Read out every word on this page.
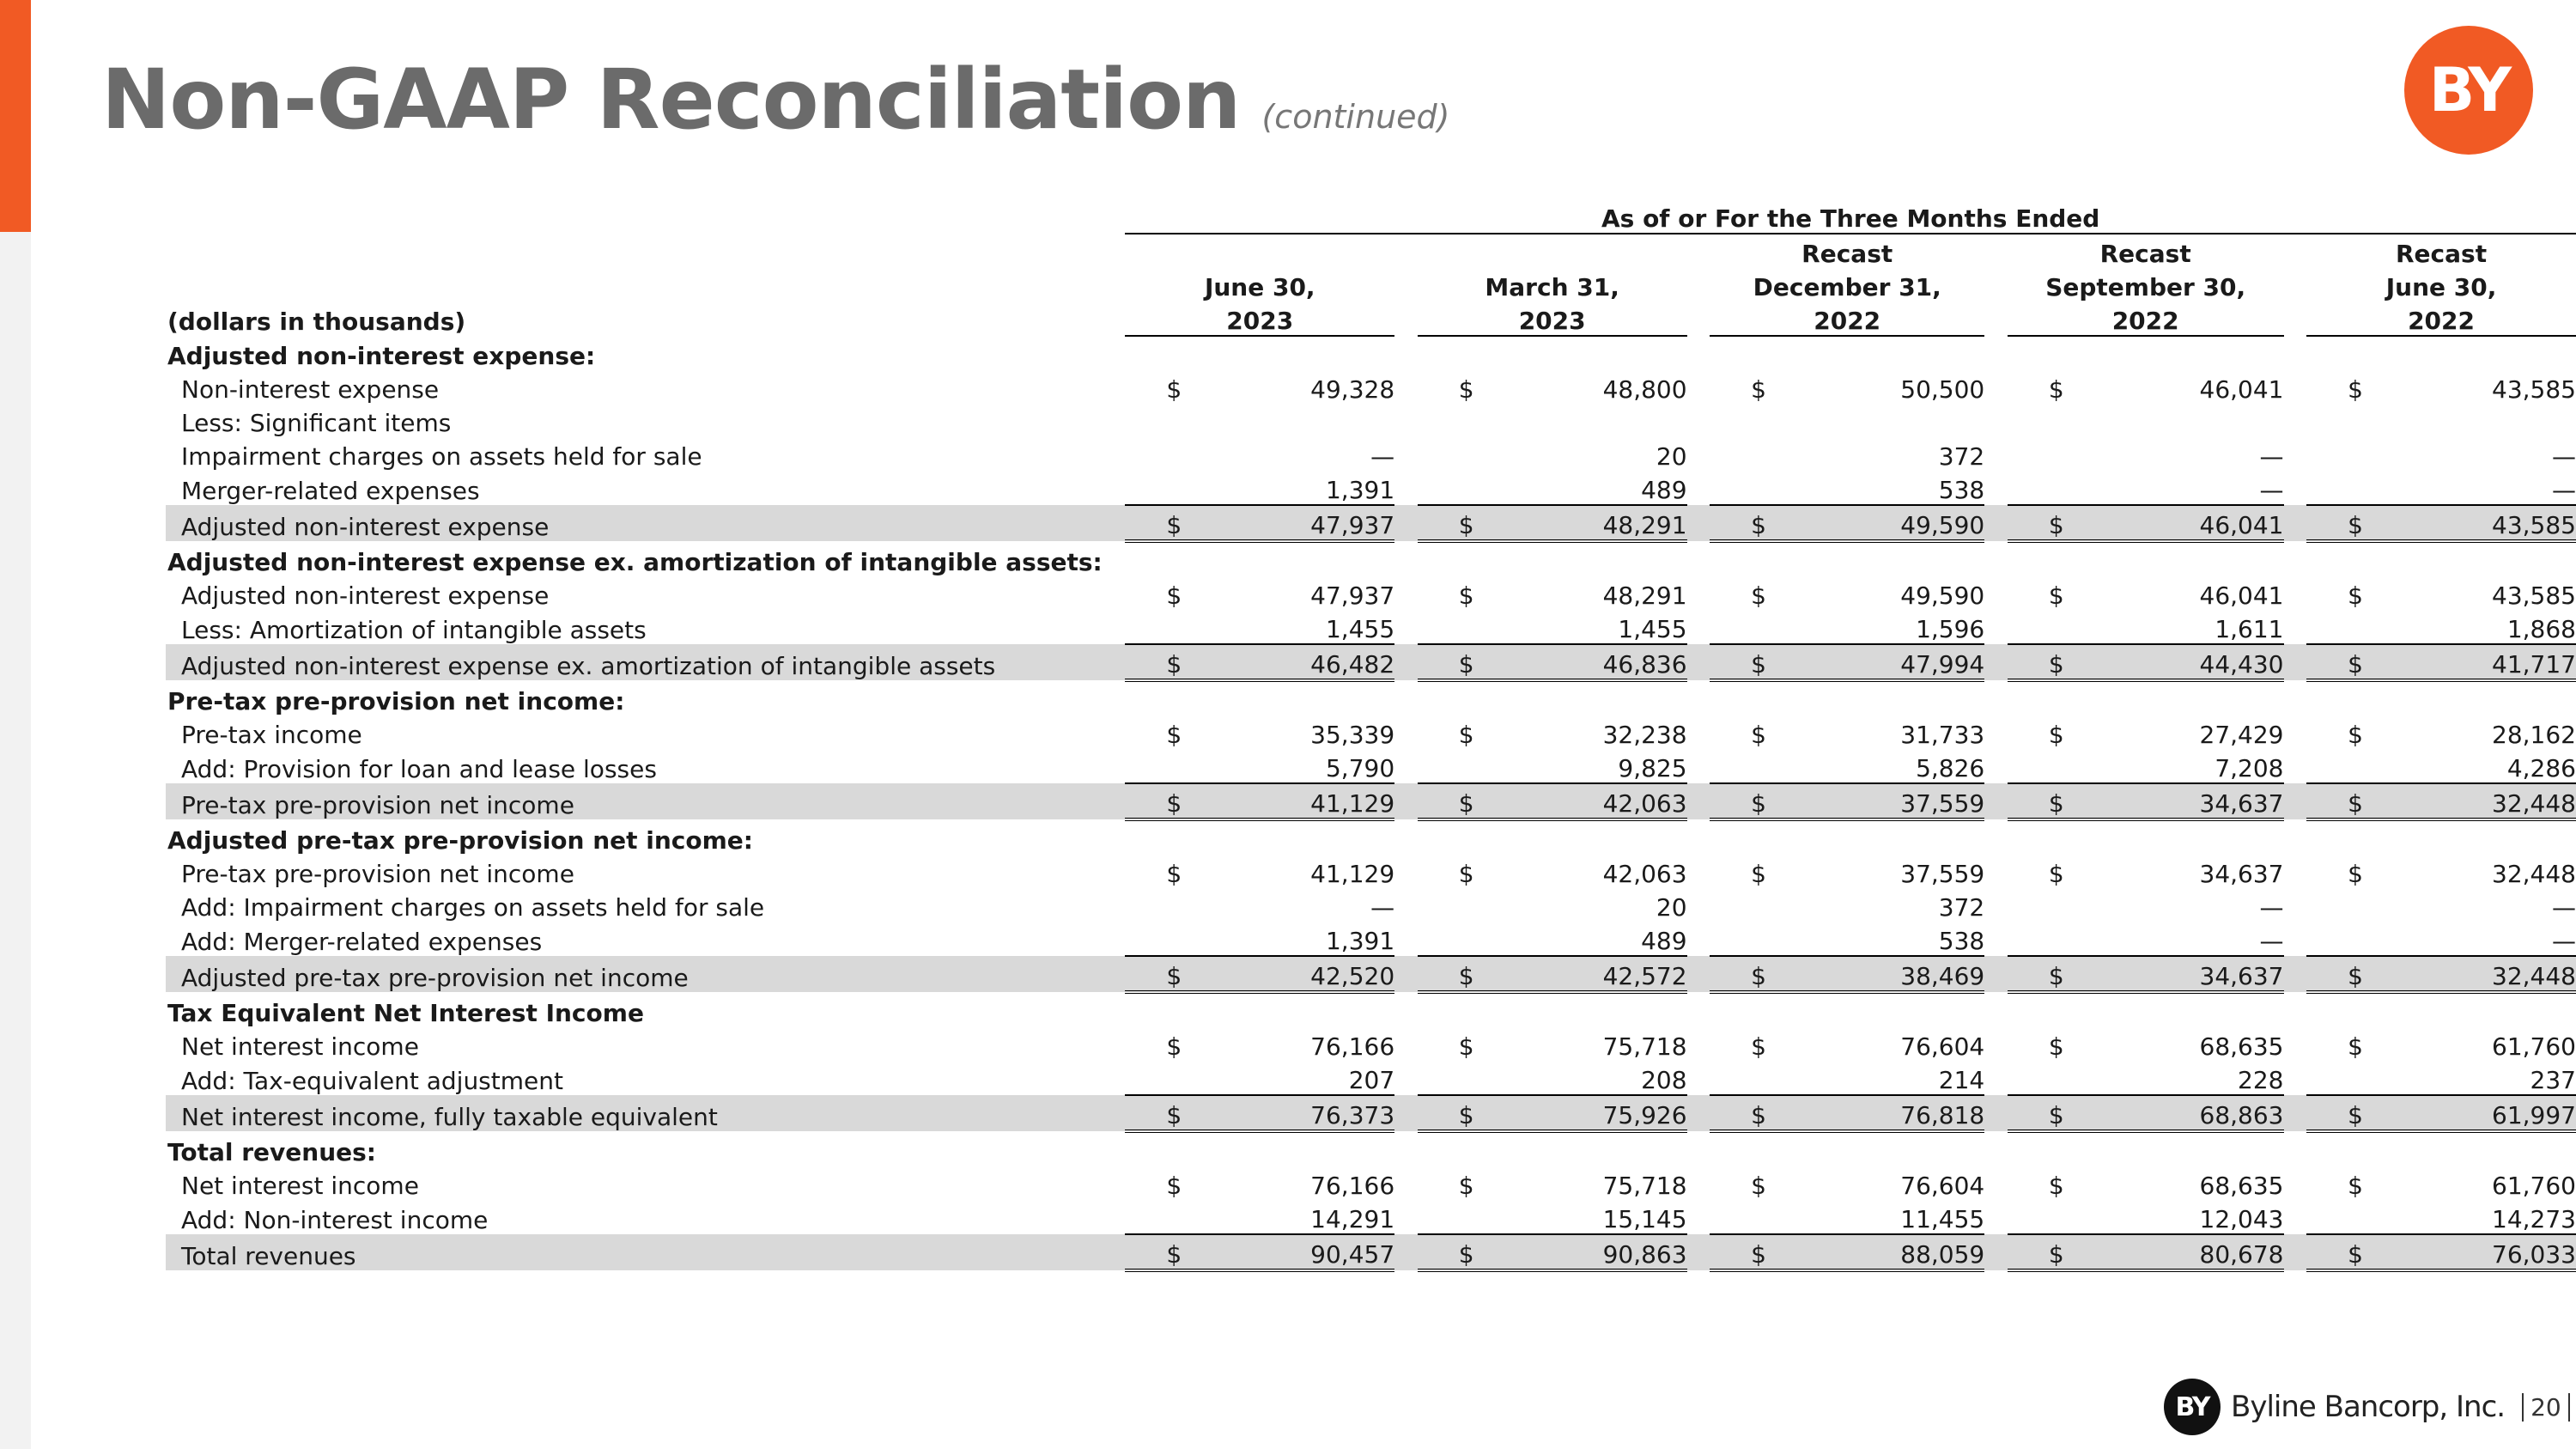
Non-GAAP Reconciliation (continued)	BY
		As of or For the Three Months Ended													
								Recast			Recast			Recast	
		June 30,			March 31,			December 31,			September 30,			June 30,	
(dollars in thousands)		2023			2023			2022			2022			2022	
Adjusted non-interest expense:															
Non-interest expense		$	49,328		$	48,800		$	50,500		$	46,041		$	43,585
Less: Significant items															
Impairment charges on assets held for sale			—			20			372			—			—
Merger-related expenses			1,391			489			538			—			—
Adjusted non-interest expense		$	47,937		$	48,291		$	49,590		$	46,041		$	43,585
Adjusted non-interest expense ex. amortization of intangible assets:															
Adjusted non-interest expense		$	47,937		$	48,291		$	49,590		$	46,041		$	43,585
Less: Amortization of intangible assets			1,455			1,455			1,596			1,611			1,868
Adjusted non-interest expense ex. amortization of intangible assets		$	46,482		$	46,836		$	47,994		$	44,430		$	41,717
Pre-tax pre-provision net income:															
Pre-tax income		$	35,339		$	32,238		$	31,733		$	27,429		$	28,162
Add: Provision for loan and lease losses			5,790			9,825			5,826			7,208			4,286
Pre-tax pre-provision net income		$	41,129		$	42,063		$	37,559		$	34,637		$	32,448
Adjusted pre-tax pre-provision net income:															
Pre-tax pre-provision net income		$	41,129		$	42,063		$	37,559		$	34,637		$	32,448
Add: Impairment charges on assets held for sale			—			20			372			—			—
Add: Merger-related expenses			1,391			489			538			—			—
Adjusted pre-tax pre-provision net income		$	42,520		$	42,572		$	38,469		$	34,637		$	32,448
Tax Equivalent Net Interest Income															
Net interest income		$	76,166		$	75,718		$	76,604		$	68,635		$	61,760
Add: Tax-equivalent adjustment			207			208			214			228			237
Net interest income, fully taxable equivalent		$	76,373		$	75,926		$	76,818		$	68,863		$	61,997
Total revenues:															
Net interest income		$	76,166		$	75,718		$	76,604		$	68,635		$	61,760
Add: Non-interest income			14,291			15,145			11,455			12,043			14,273
Total revenues		$	90,457		$	90,863		$	88,059		$	80,678		$	76,033
BY Byline Bancorp, Inc.	20
